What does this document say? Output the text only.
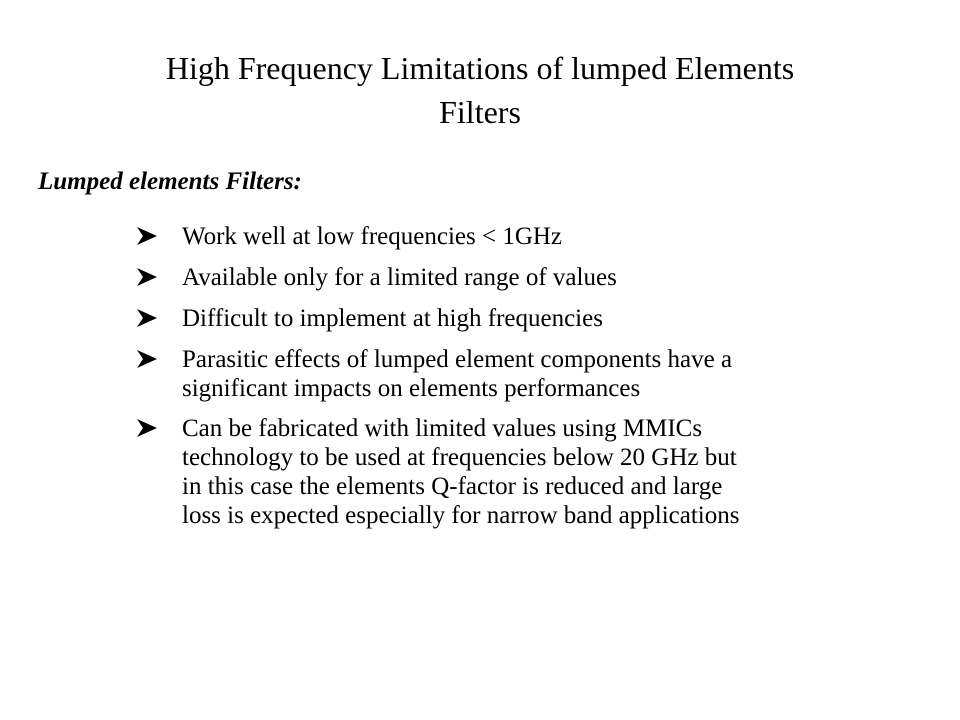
High Frequency Limitations of lumped Elements
Filters
Lumped elements Filters:
Work well at low frequencies < 1GHz
Available only for a limited range of values
Difficult to implement at high frequencies
Parasitic effects of lumped element components have a
significant impacts on elements performances
Can be fabricated with limited values using MMICs
technology to be used at frequencies below 20 GHz but
in this case the elements Q-factor is reduced and large
loss is expected especially for narrow band applications
